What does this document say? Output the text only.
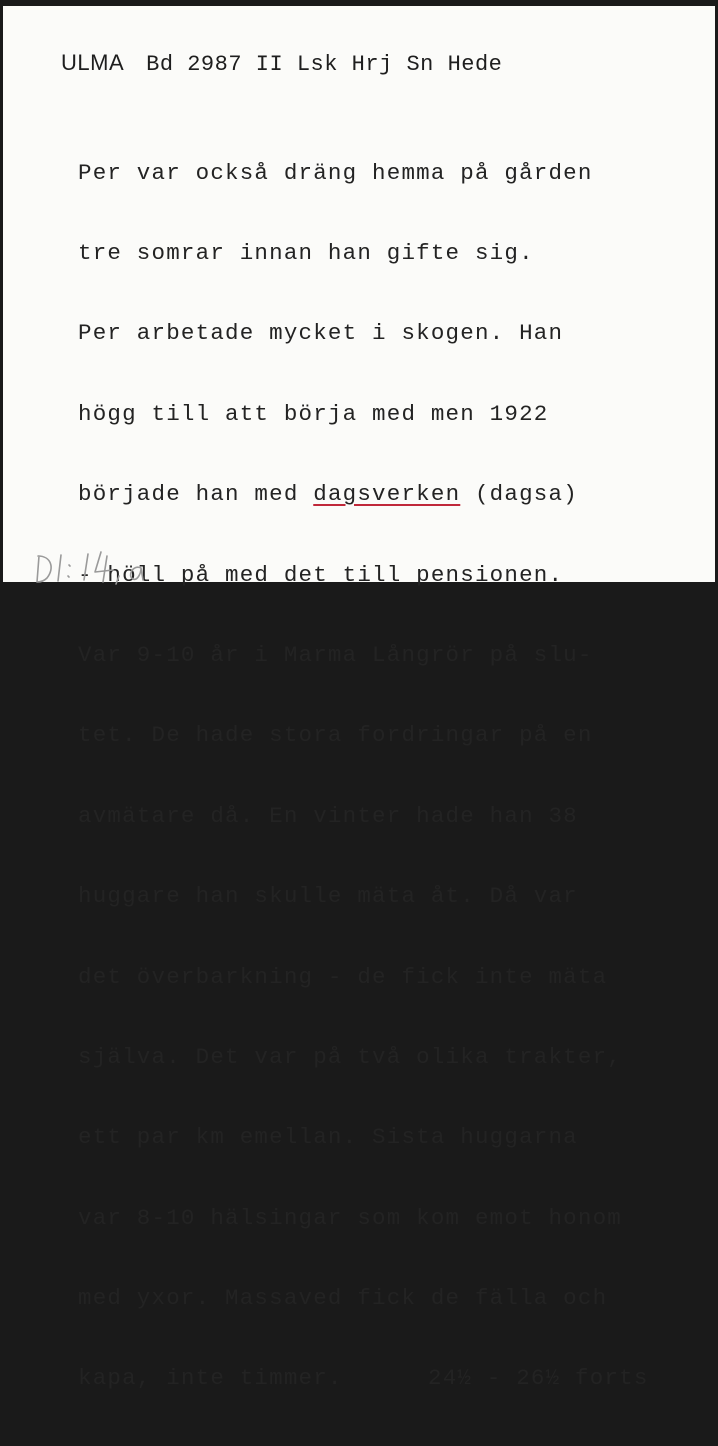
ULMA Bd 2987 II Lsk Hrj Sn Hede

Per var också dräng hemma på gården

tre somrar innan han gifte sig.

Per arbetade mycket i skogen. Han

högg till att börja med men 1922

började han med dagsverken (dagsa)

- höll på med det till pensionen.

Var 9-10 år i Marma Långrör på slu-

tet. De hade stora fordringar på en

avmätare då. En vinter hade han 38

huggare han skulle mäta åt. Då var

det överbarkning - de fick inte mäta

själva. Det var på två olika trakter,

ett par km emellan. Sista huggarna

var 8-10 hälsingar som kom emot honom

med yxor. Massaved fick de fälla och

kapa, inte timmer.	24½ - 26½ forts
